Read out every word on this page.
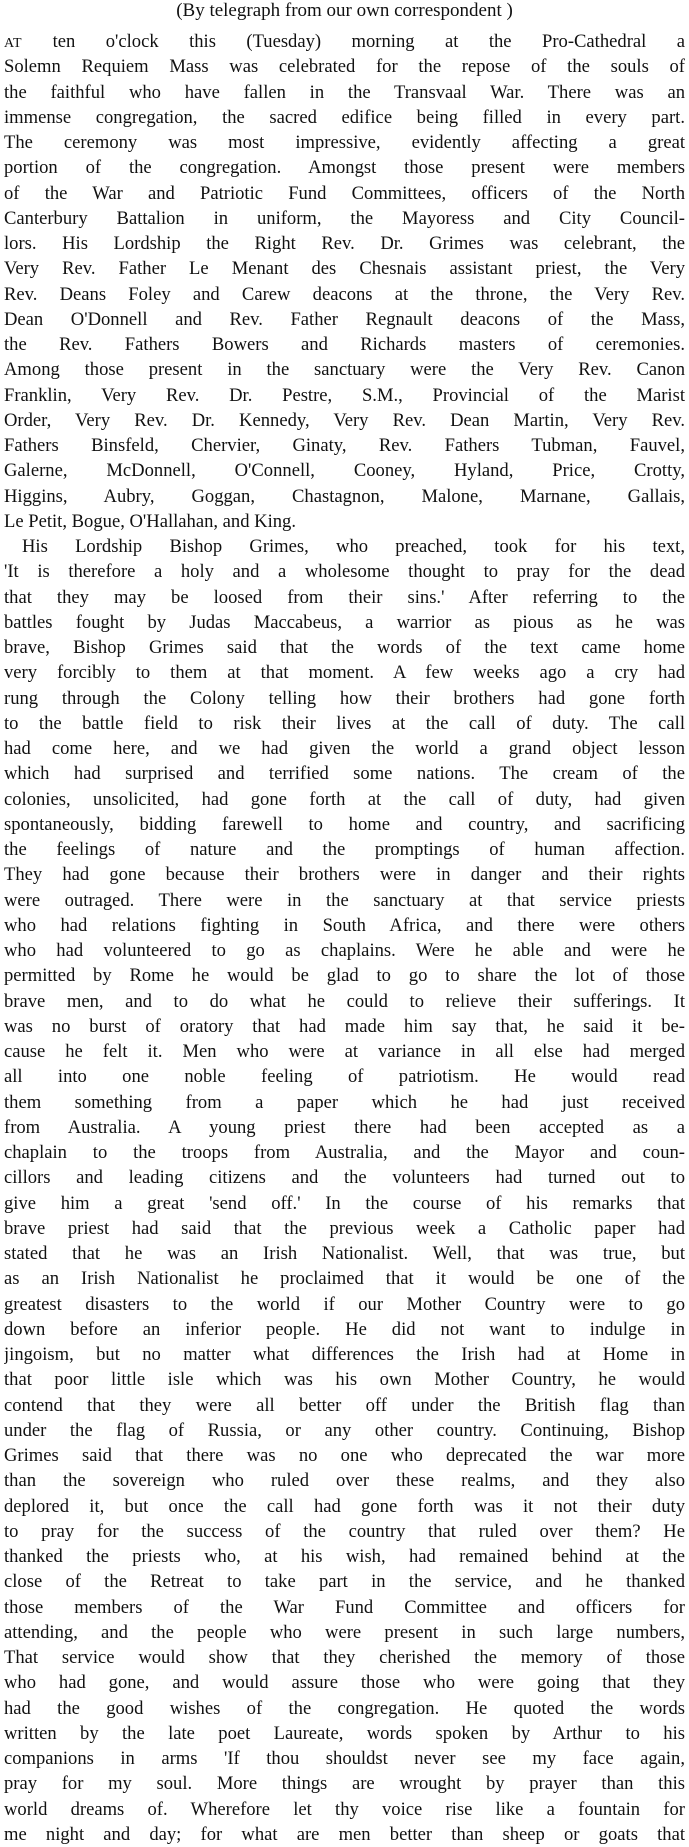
(By telegraph from our own correspondent )
AT ten o'clock this (Tuesday) morning at the Pro-Cathedral a
Solemn Requiem Mass was celebrated for the repose of the souls of
the faithful who have fallen in the Transvaal War. There was an
immense congregation, the sacred edifice being filled in every part.
The ceremony was most impressive, evidently affecting a great
portion of the congregation. Amongst those present were members
of the War and Patriotic Fund Committees, officers of the North
Canterbury Battalion in uniform, the Mayoress and City Council-
lors. His Lordship the Right Rev. Dr. Grimes was celebrant, the
Very Rev. Father Le Menant des Chesnais assistant priest, the Very
Rev. Deans Foley and Carew deacons at the throne, the Very Rev.
Dean O'Donnell and Rev. Father Regnault deacons of the Mass,
the Rev. Fathers Bowers and Richards masters of ceremonies.
Among those present in the sanctuary were the Very Rev. Canon
Franklin, Very Rev. Dr. Pestre, S.M., Provincial of the Marist
Order, Very Rev. Dr. Kennedy, Very Rev. Dean Martin, Very Rev.
Fathers Binsfeld, Chervier, Ginaty, Rev. Fathers Tubman, Fauvel,
Galerne, McDonnell, O'Connell, Cooney, Hyland, Price, Crotty,
Higgins, Aubry, Goggan, Chastagnon, Malone, Marnane, Gallais,
Le Petit, Bogue, O'Hallahan, and King.
His Lordship Bishop Grimes, who preached, took for his text,
'It is therefore a holy and a wholesome thought to pray for the dead
that they may be loosed from their sins.' After referring to the
battles fought by Judas Maccabeus, a warrior as pious as he was
brave, Bishop Grimes said that the words of the text came home
very forcibly to them at that moment. A few weeks ago a cry had
rung through the Colony telling how their brothers had gone forth
to the battle field to risk their lives at the call of duty. The call
had come here, and we had given the world a grand object lesson
which had surprised and terrified some nations. The cream of the
colonies, unsolicited, had gone forth at the call of duty, had given
spontaneously, bidding farewell to home and country, and sacrificing
the feelings of nature and the promptings of human affection.
They had gone because their brothers were in danger and their rights
were outraged. There were in the sanctuary at that service priests
who had relations fighting in South Africa, and there were others
who had volunteered to go as chaplains. Were he able and were he
permitted by Rome he would be glad to go to share the lot of those
brave men, and to do what he could to relieve their sufferings. It
was no burst of oratory that had made him say that, he said it be-
cause he felt it. Men who were at variance in all else had merged
all into one noble feeling of patriotism. He would read
them something from a paper which he had just received
from Australia. A young priest there had been accepted as a
chaplain to the troops from Australia, and the Mayor and coun-
cillors and leading citizens and the volunteers had turned out to
give him a great 'send off.' In the course of his remarks that
brave priest had said that the previous week a Catholic paper had
stated that he was an Irish Nationalist. Well, that was true, but
as an Irish Nationalist he proclaimed that it would be one of the
greatest disasters to the world if our Mother Country were to go
down before an inferior people. He did not want to indulge in
jingoism, but no matter what differences the Irish had at Home in
that poor little isle which was his own Mother Country, he would
contend that they were all better off under the British flag than
under the flag of Russia, or any other country. Continuing, Bishop
Grimes said that there was no one who deprecated the war more
than the sovereign who ruled over these realms, and they also
deplored it, but once the call had gone forth was it not their duty
to pray for the success of the country that ruled over them? He
thanked the priests who, at his wish, had remained behind at the
close of the Retreat to take part in the service, and he thanked
those members of the War Fund Committee and officers for
attending, and the people who were present in such large numbers,
That service would show that they cherished the memory of those
who had gone, and would assure those who were going that they
had the good wishes of the congregation. He quoted the words
written by the late poet Laureate, words spoken by Arthur to his
companions in arms 'If thou shouldst never see my face again,
pray for my soul. More things are wrought by prayer than this
world dreams of. Wherefore let thy voice rise like a fountain for
me night and day; for what are men better than sheep or goats that
